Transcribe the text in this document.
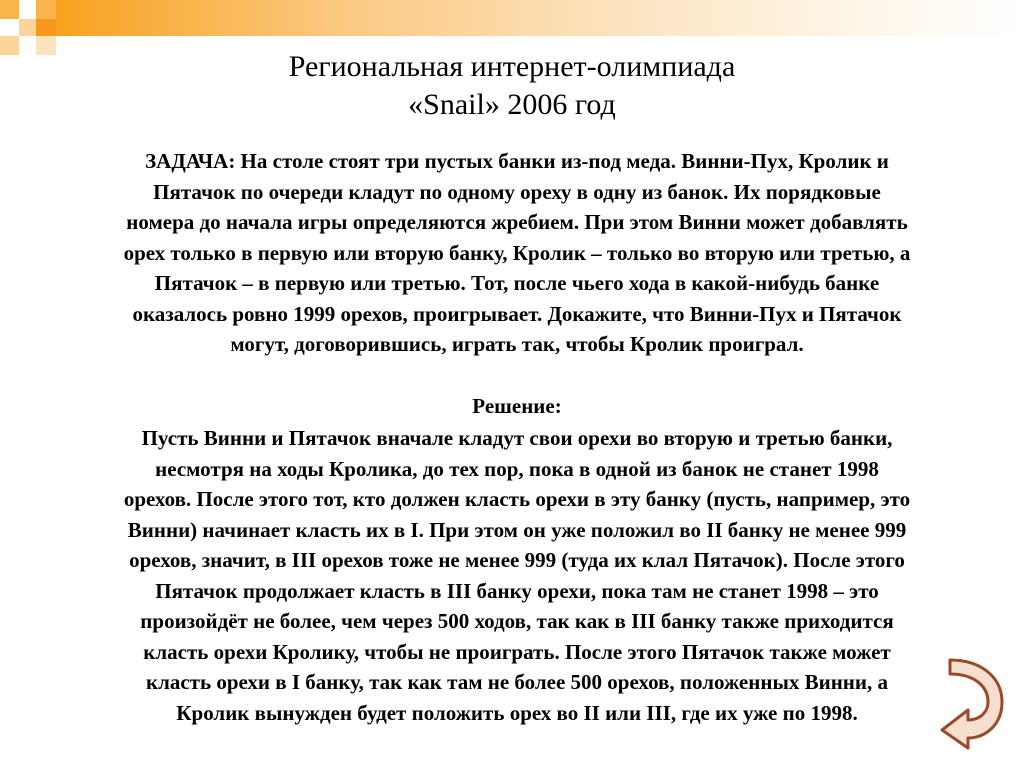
Региональная интернет-олимпиада
«Snail» 2006 год

ЗАДАЧА: На столе стоят три пустых банки из-под меда. Винни-Пух, Кролик и
Пятачок по очереди кладут по одному ореху в одну из банок. Их порядковые
номера до начала игры определяются жребием. При этом Винни может добавлять
орех только в первую или вторую банку, Кролик – только во вторую или третью, а
Пятачок – в первую или третью. Тот, после чьего хода в какой-нибудь банке
оказалось ровно 1999 орехов, проигрывает. Докажите, что Винни-Пух и Пятачок
могут, договорившись, играть так, чтобы Кролик проиграл.

Решение:

Пусть Винни и Пятачок вначале кладут свои орехи во вторую и третью банки,
несмотря на ходы Кролика, до тех пор, пока в одной из банок не станет 1998
орехов. После этого тот, кто должен класть орехи в эту банку (пусть, например, это
Винни) начинает класть их в I. При этом он уже положил во II банку не менее 999
орехов, значит, в III орехов тоже не менее 999 (туда их клал Пятачок). После этого
Пятачок продолжает класть в III банку орехи, пока там не станет 1998 – это
произойдёт не более, чем через 500 ходов, так как в III банку также приходится
класть орехи Кролику, чтобы не проиграть. После этого Пятачок также может
класть орехи в I банку, так как там не более 500 орехов, положенных Винни, а
Кролик вынужден будет положить орех во II или III, где их уже по 1998.
